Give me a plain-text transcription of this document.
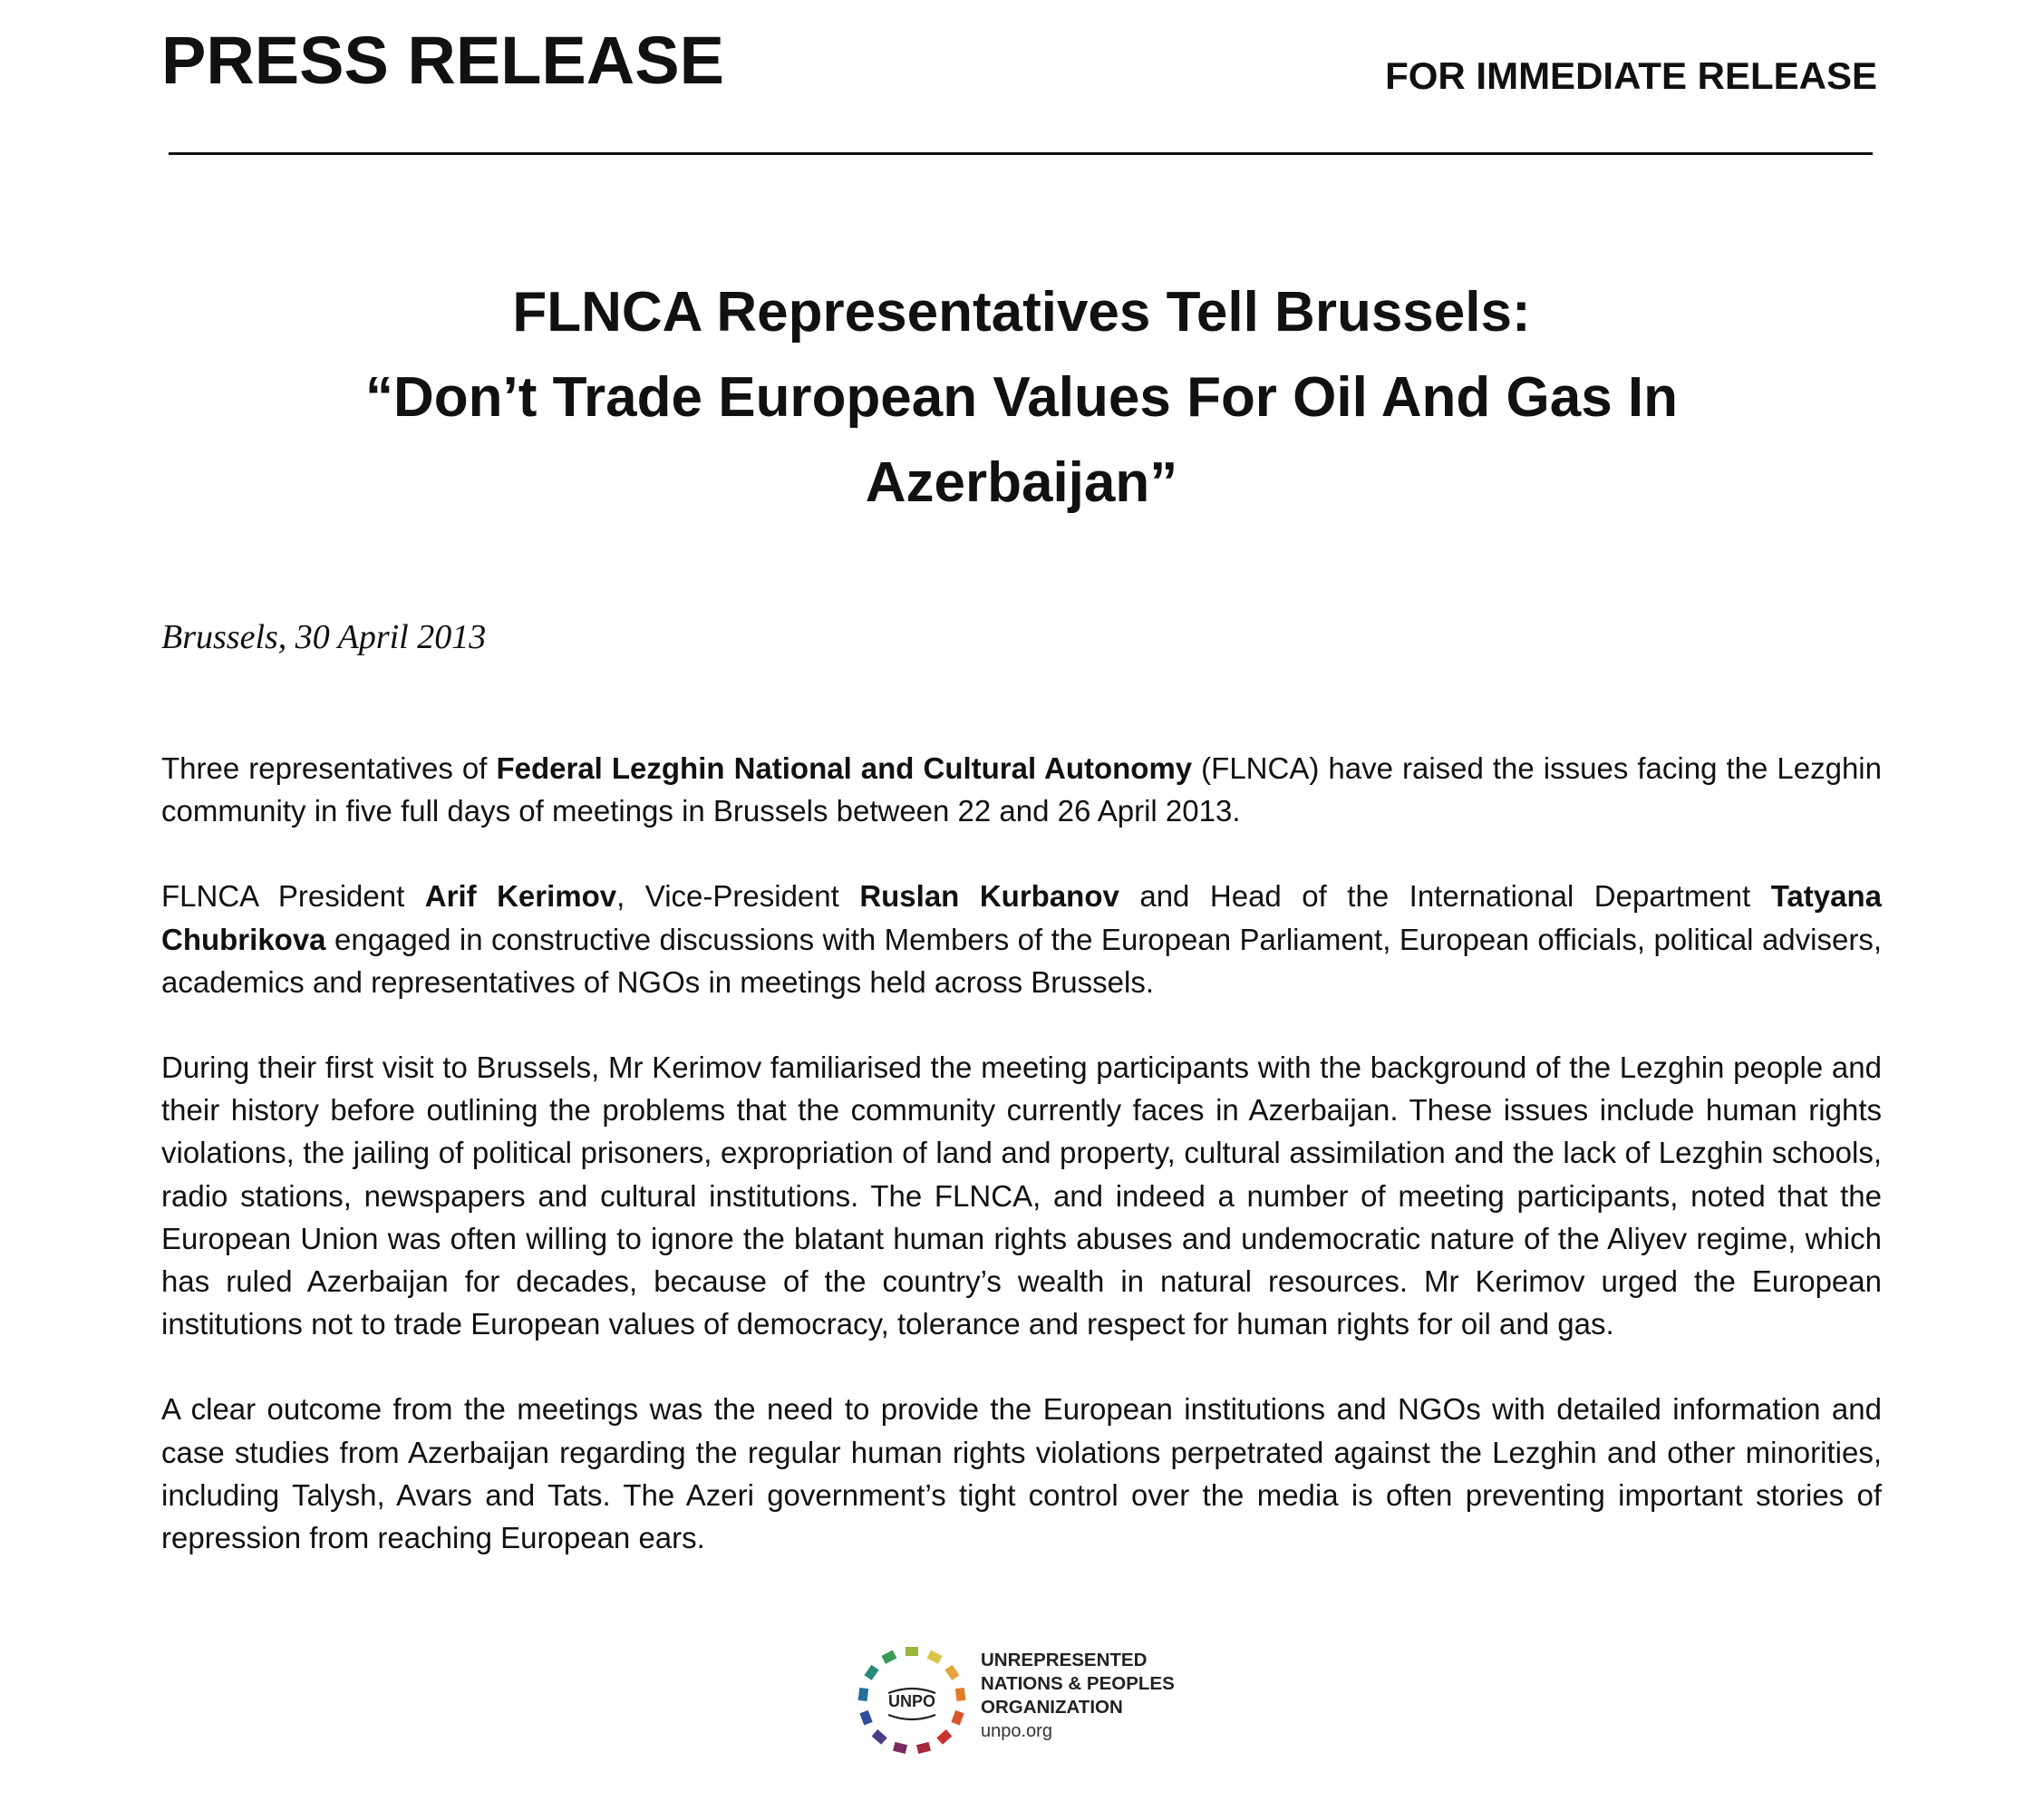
PRESS RELEASE	FOR IMMEDIATE RELEASE
FLNCA Representatives Tell Brussels:
“Don’t Trade European Values For Oil And Gas In
Azerbaijan”
Brussels, 30 April 2013

Three representatives of Federal Lezghin National and Cultural Autonomy (FLNCA) have raised the issues facing the Lezghin community in five full days of meetings in Brussels between 22 and 26 April 2013.

FLNCA President Arif Kerimov, Vice-President Ruslan Kurbanov and Head of the International Department Tatyana Chubrikova engaged in constructive discussions with Members of the European Parliament, European officials, political advisers, academics and representatives of NGOs in meetings held across Brussels.

During their first visit to Brussels, Mr Kerimov familiarised the meeting participants with the background of the Lezghin people and their history before outlining the problems that the community currently faces in Azerbaijan. These issues include human rights violations, the jailing of political prisoners, expropriation of land and property, cultural assimilation and the lack of Lezghin schools, radio stations, newspapers and cultural institutions. The FLNCA, and indeed a number of meeting participants, noted that the European Union was often willing to ignore the blatant human rights abuses and undemocratic nature of the Aliyev regime, which has ruled Azerbaijan for decades, because of the country’s wealth in natural resources. Mr Kerimov urged the European institutions not to trade European values of democracy, tolerance and respect for human rights for oil and gas.

A clear outcome from the meetings was the need to provide the European institutions and NGOs with detailed information and case studies from Azerbaijan regarding the regular human rights violations perpetrated against the Lezghin and other minorities, including Talysh, Avars and Tats. The Azeri government’s tight control over the media is often preventing important stories of repression from reaching European ears.

UNPO
UNREPRESENTED
NATIONS & PEOPLES
ORGANIZATION
unpo.org
